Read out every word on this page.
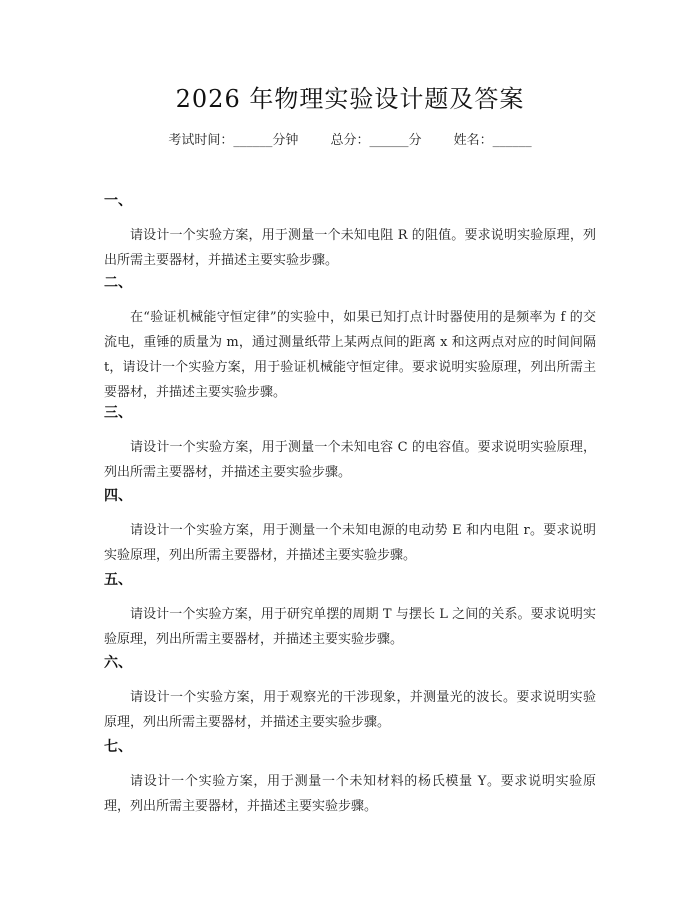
2026 年物理实验设计题及答案
考试时间：______分钟 总分：______分 姓名：______
一、
请设计一个实验方案，用于测量一个未知电阻 R 的阻值。要求说明实验原理，列出所需主要器材，并描述主要实验步骤。
二、
在“验证机械能守恒定律”的实验中，如果已知打点计时器使用的是频率为 f 的交流电，重锤的质量为 m，通过测量纸带上某两点间的距离 x 和这两点对应的时间间隔 t，请设计一个实验方案，用于验证机械能守恒定律。要求说明实验原理，列出所需主要器材，并描述主要实验步骤。
三、
请设计一个实验方案，用于测量一个未知电容 C 的电容值。要求说明实验原理，列出所需主要器材，并描述主要实验步骤。
四、
请设计一个实验方案，用于测量一个未知电源的电动势 E 和内电阻 r。要求说明实验原理，列出所需主要器材，并描述主要实验步骤。
五、
请设计一个实验方案，用于研究单摆的周期 T 与摆长 L 之间的关系。要求说明实验原理，列出所需主要器材，并描述主要实验步骤。
六、
请设计一个实验方案，用于观察光的干涉现象，并测量光的波长。要求说明实验原理，列出所需主要器材，并描述主要实验步骤。
七、
请设计一个实验方案，用于测量一个未知材料的杨氏模量 Y。要求说明实验原理，列出所需主要器材，并描述主要实验步骤。
